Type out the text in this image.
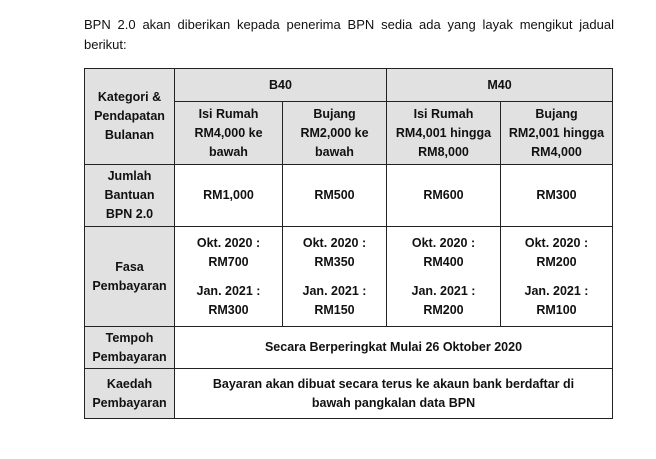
BPN 2.0 akan diberikan kepada penerima BPN sedia ada yang layak mengikut jadual berikut:
Kategori &
Pendapatan
Bulanan	B40		M40	

	Isi Rumah
RM4,000 ke
bawah	Bujang
RM2,000 ke
bawah	Isi Rumah
RM4,001 hingga
RM8,000	Bujang
RM2,001 hingga
RM4,000

Jumlah
Bantuan
BPN 2.0	RM1,000	RM500	RM600	RM300

Fasa
Pembayaran	Okt. 2020 :
RM700
Jan. 2021 :
RM300	Okt. 2020 :
RM350
Jan. 2021 :
RM150	Okt. 2020 :
RM400
Jan. 2021 :
RM200	Okt. 2020 :
RM200
Jan. 2021 :
RM100

Tempoh
Pembayaran	Secara Berperingkat Mulai 26 Oktober 2020			

Kaedah
Pembayaran	Bayaran akan dibuat secara terus ke akaun bank berdaftar di
bawah pangkalan data BPN			
